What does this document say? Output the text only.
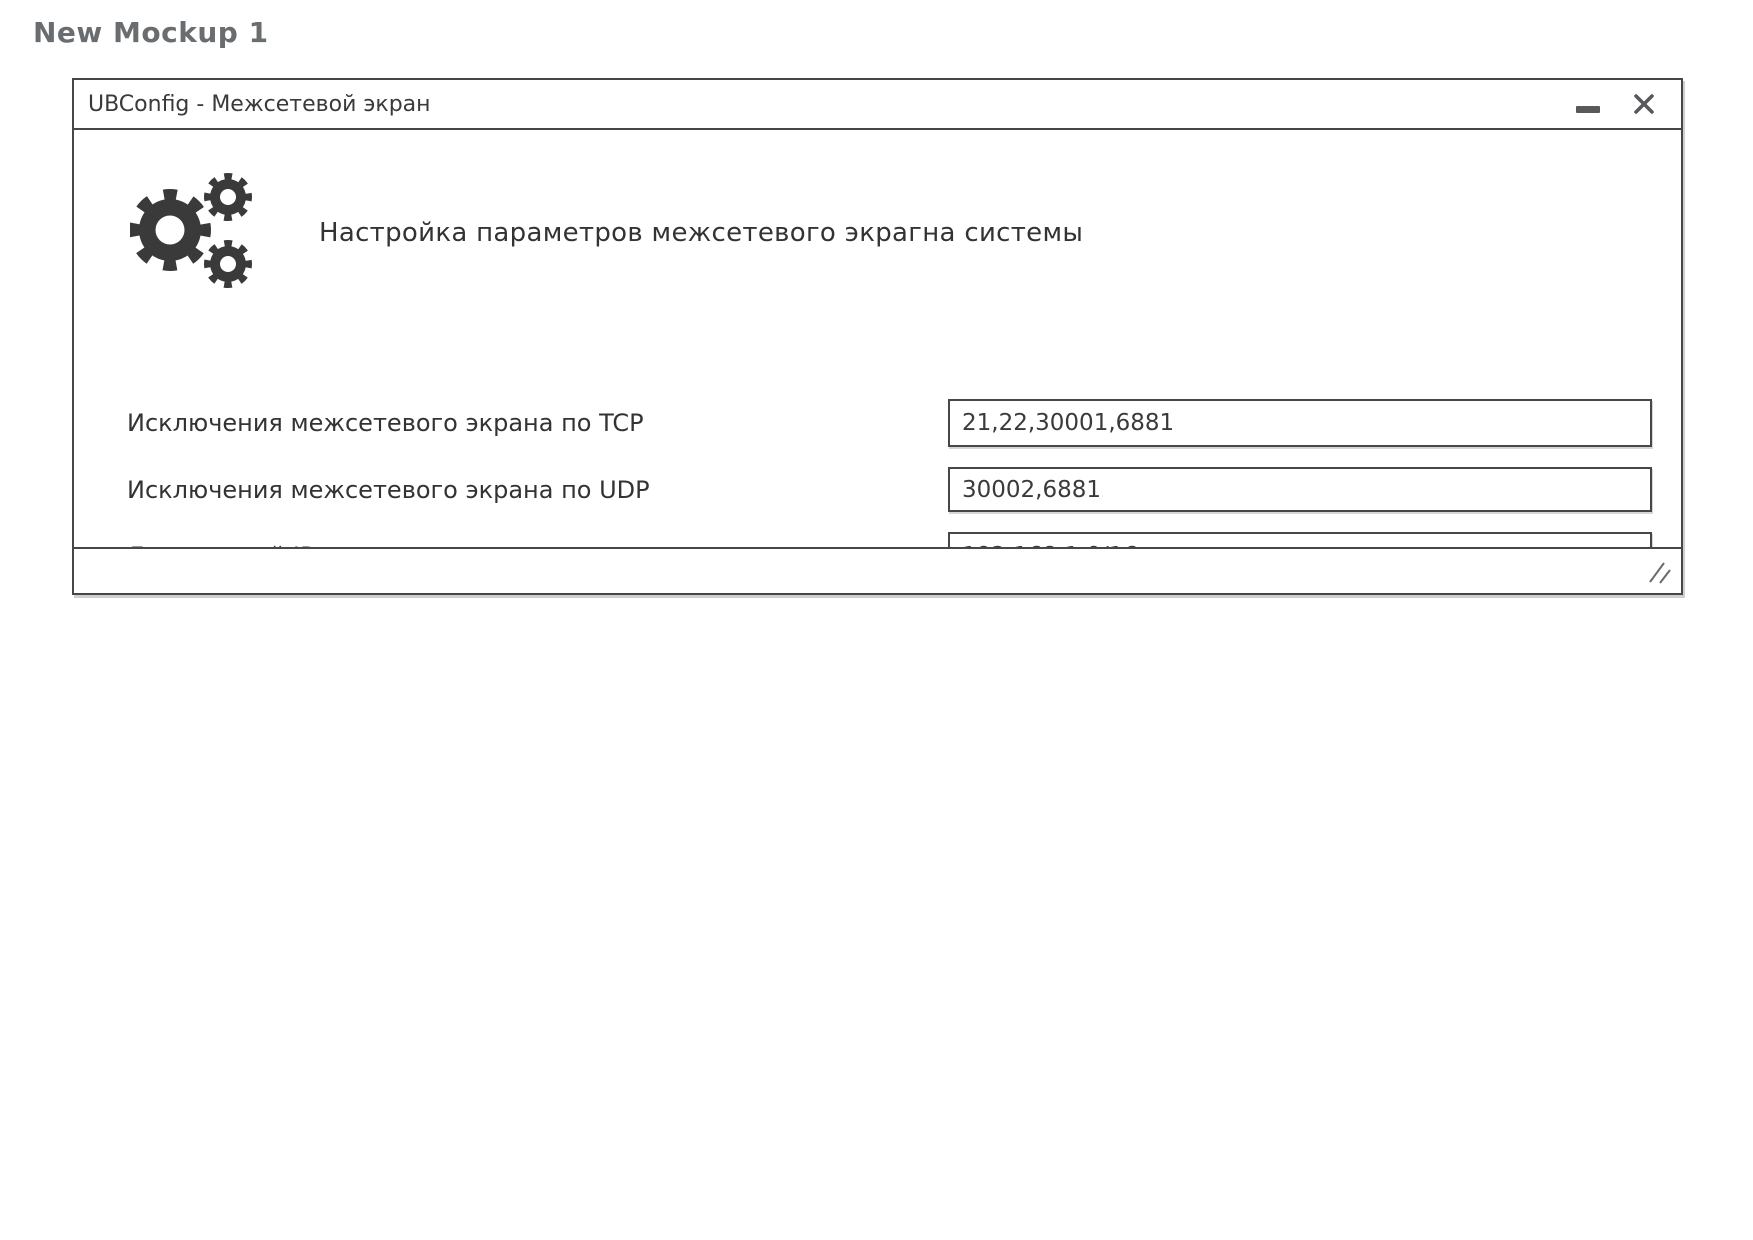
New Mockup 1
UBConfig - Межсетевой экран
Настройка параметров межсетевого экрагна системы
Исключения межсетевого экрана по TCP
21,22,30001,6881
Исключения межсетевого экрана по UDP
30002,6881
192.168.1.0/16
